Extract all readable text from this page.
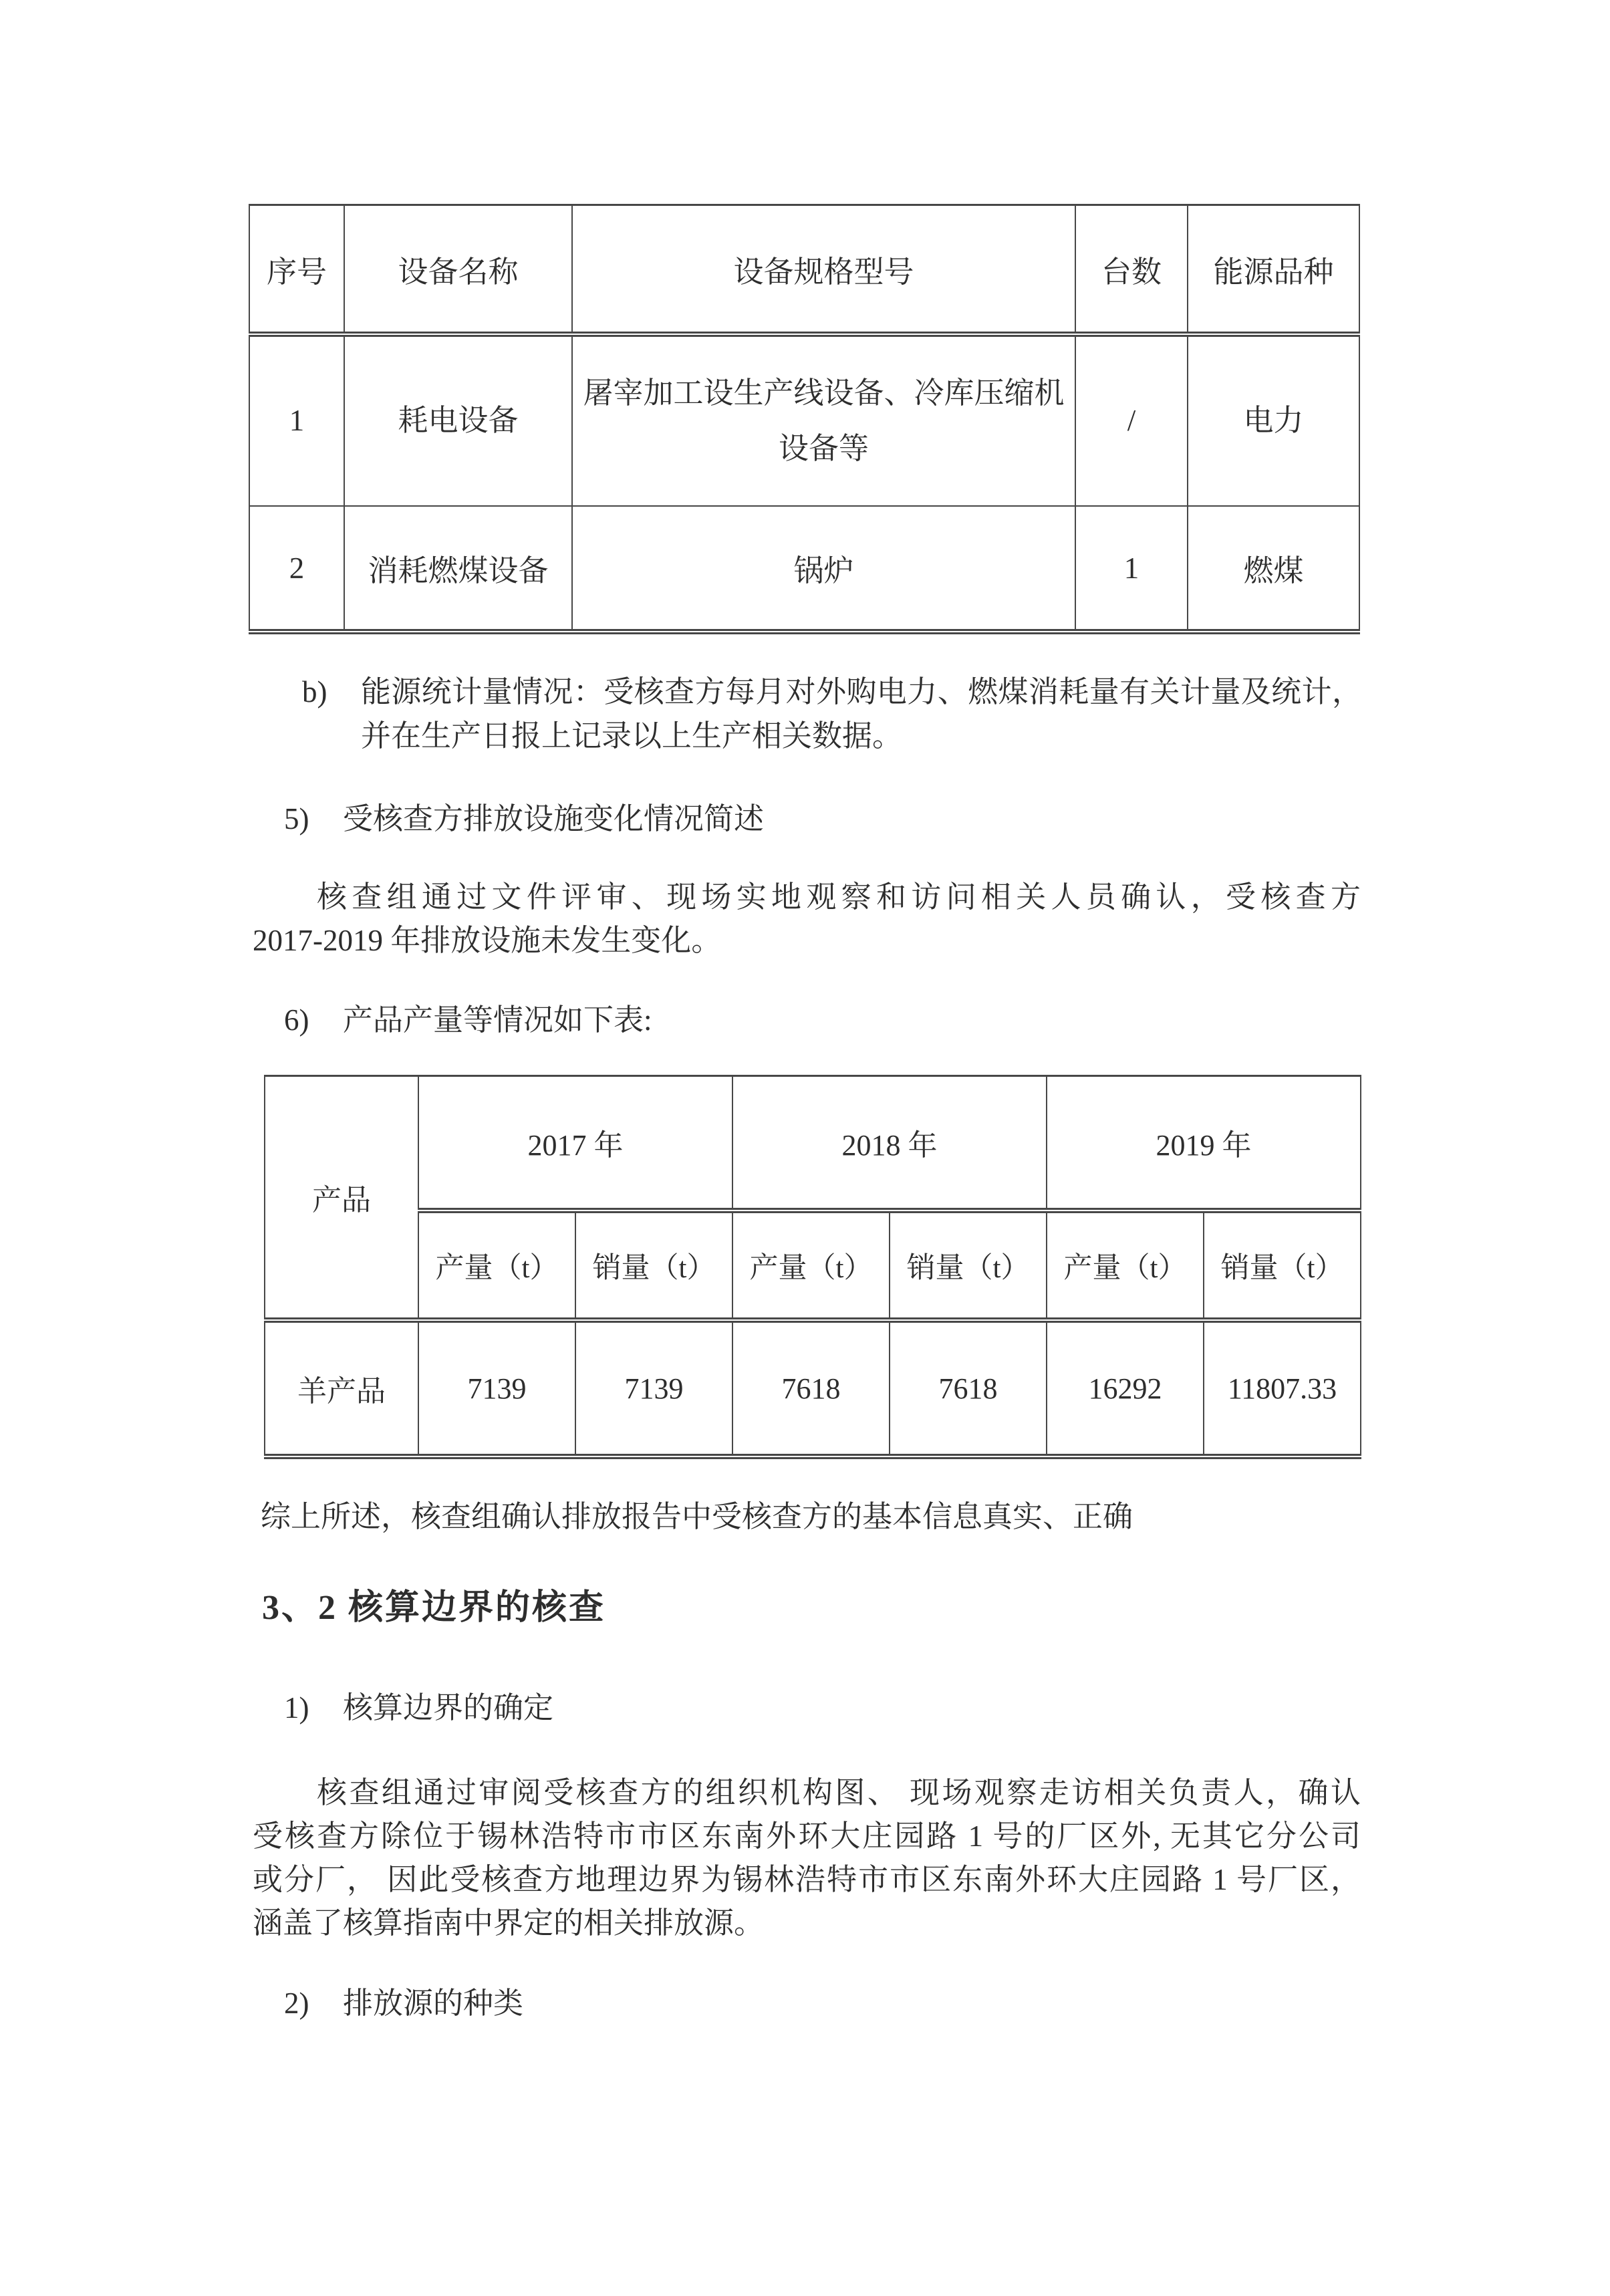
序号	设备名称	设备规格型号	台数	能源品种
1	耗电设备	屠宰加工设生产线设备、冷库压缩机设备等	/	电力
2	消耗燃煤设备	锅炉	1	燃煤
b)	能源统计量情况：受核查方每月对外购电力、燃煤消耗量有关计量及统计，
并在生产日报上记录以上生产相关数据。
5)	受核查方排放设施变化情况简述
核查组通过文件评审、现场实地观察和访问相关人员确认，受核查方
2017-2019 年排放设施未发生变化。
6)	产品产量等情况如下表:
产品	2017 年		2018 年		2019 年	
	产量（t）	销量（t）	产量（t）	销量（t）	产量（t）	销量（t）
羊产品	7139	7139	7618	7618	16292	11807.33
综上所述，核查组确认排放报告中受核查方的基本信息真实、正确
3、2 核算边界的核查
1)	核算边界的确定
核查组通过审阅受核查方的组织机构图、 现场观察走访相关负责人，确认
受核查方除位于锡林浩特市市区东南外环大庄园路 1 号的厂区外, 无其它分公司
或分厂， 因此受核查方地理边界为锡林浩特市市区东南外环大庄园路 1 号厂区，
涵盖了核算指南中界定的相关排放源。
2)	排放源的种类
